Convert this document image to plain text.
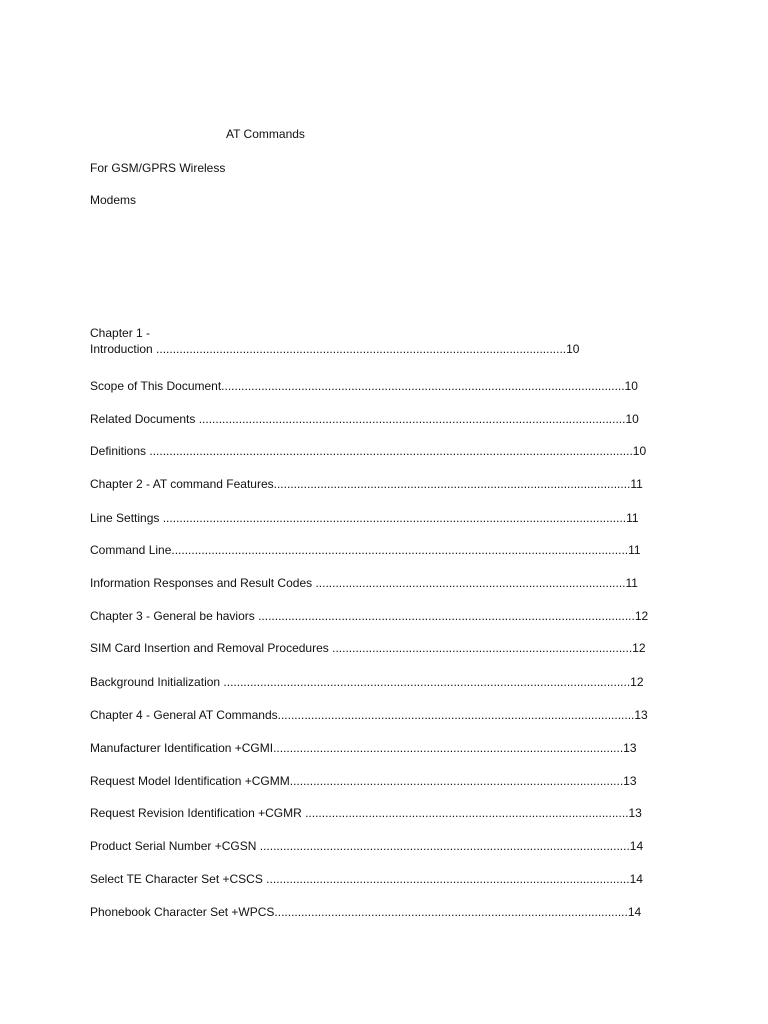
AT Commands
For GSM/GPRS Wireless
Modems
Chapter 1 -
Introduction ...........................................................................................................................10
Scope of This Document.........................................................................................................................10
Related Documents ................................................................................................................................10
Definitions .................................................................................................................................................10
Chapter 2 - AT command Features...........................................................................................................11
Line Settings ...........................................................................................................................................11
Command Line.........................................................................................................................................11
Information Responses and Result Codes .............................................................................................11
Chapter 3 - General be haviors .................................................................................................................12
SIM Card Insertion and Removal Procedures ..........................................................................................12
Background Initialization ..........................................................................................................................12
Chapter 4 - General AT Commands...........................................................................................................13
Manufacturer Identification +CGMI.........................................................................................................13
Request Model Identification +CGMM....................................................................................................13
Request Revision Identification +CGMR .................................................................................................13
Product Serial Number +CGSN ...............................................................................................................14
Select TE Character Set +CSCS .............................................................................................................14
Phonebook Character Set +WPCS..........................................................................................................14
